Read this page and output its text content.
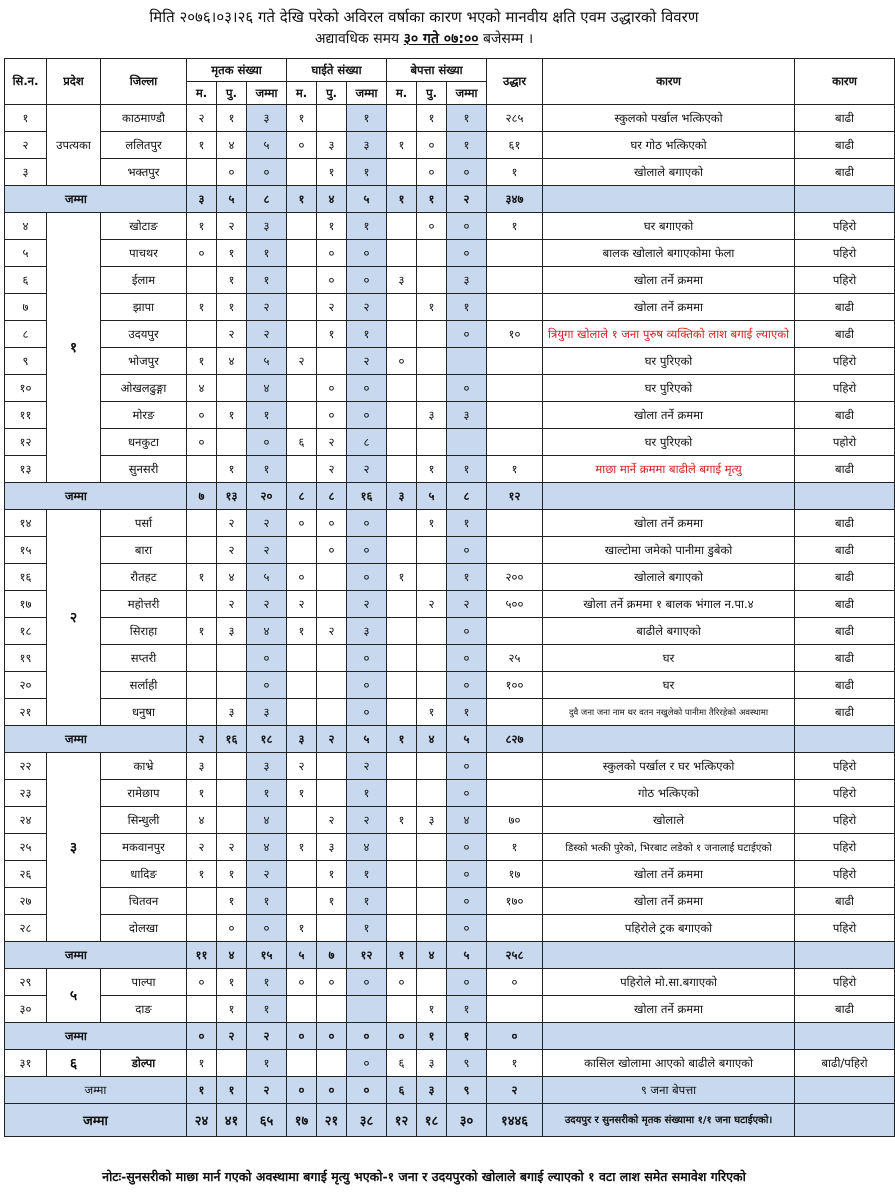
मिति २०७६।०३।२६ गते देखि परेको अविरल वर्षाका कारण भएको मानवीय क्षति एवम उद्धारको विवरण
अद्यावधिक समय ३० गते ०७:०० बजेसम्म ।
सि.न.	प्रदेश	जिल्ला	मृतक संख्या			घाईते संख्या			बेपत्ता संख्या			उद्धार	कारण	कारण
			म.	पु.	जम्मा	म.	पु.	जम्मा	म.	पु.	जम्मा			
१	उपत्यका	काठमाण्डौ	२	१	३	१		१		१	१	२८५	स्कुलको पर्खाल भत्किएको	बाढी
२		ललितपुर	१	४	५	०	३	३	१	०	१	६१	घर गोठ भत्किएको	बाढी
३		भक्तपुर		०	०		१	१		०	०	१	खोलाले बगाएको	बाढी
जम्मा			३	५	८	१	४	५	१	१	२	३४७		
४	१	खोटाङ	१	२	३		१	१		०	०	१	घर बगाएको	पहिरो
५		पाचथर	०	१	१		०	०			०		बालक खोलाले बगाएकोमा फेला	पहिरो
६		ईलाम		१	१		०	०	३		३		खोला तर्ने क्रममा	पहिरो
७		झापा	१	१	२		२	२		१	१		खोला तर्ने क्रममा	बाढी
८		उदयपुर		२	२		१	१			०	१०	त्रियुगा खोलाले १ जना पुरुष व्यक्तिको लाश बगाई ल्याएको	बाढी
९		भोजपुर	१	४	५	२		२	०				घर पुरिएको	पहिरो
१०		ओखलढुङ्गा	४		४		०	०			०		घर पुरिएको	पहिरो
११		मोरङ	०	१	१		०	०		३	३		खोला तर्ने क्रममा	बाढी
१२		धनकुटा	०		०	६	२	८					घर पुरिएको	पहोरो
१३		सुनसरी		१	१		२	२		१	१	१	माछा मार्ने क्रममा बाढीले बगाई मृत्यु	बाढी
जम्मा			७	१३	२०	८	८	१६	३	५	८	१२		
१४	२	पर्सा		२	२	०	०	०		१	१		खोला तर्ने क्रममा	बाढी
१५		बारा		२	२		०	०			०		खाल्टोमा जमेको पानीमा डुबेको	बाढी
१६		रौतहट	१	४	५	०		०	१		१	२००	खोलाले बगाएको	बाढी
१७		महोत्तरी		२	२	२		२		२	२	५००	खोला तर्ने क्रममा १ बालक भंगाल न.पा.४	बाढी
१८		सिराहा	१	३	४	१	२	३			०		बाढीले बगाएको	बाढी
१९		सप्तरी			०			०			०	२५	घर	बाढी
२०		सर्लाही			०			०			०	१००	घर	बाढी
२१		धनुषा		३	३			०		१	१		दुवै जना जना नाम थर वतन नखुलेको पानीमा तैरिरहेको अवस्थामा	बाढी
जम्मा			२	१६	१८	३	२	५	१	४	५	८२७		
२२	३	काभ्रे	३		३	२		२			०		स्कुलको पर्खाल र घर भत्किएको	पहिरो
२३		रामेछाप	१		१	१		१			०		गोठ भत्किएको	पहिरो
२४		सिन्धुली	४		४		२	२	१	३	४	७०	खोलाले	पहिरो
२५		मकवानपुर	२	२	४	१	३	४			०	१	डिस्को भत्की पुरेको, भिरबाट लडेको १ जनालाई घटाईएको	पहिरो
२६		धादिङ	१	१	२		१	१			०	१७	खोला तर्ने क्रममा	पहिरो
२७		चितवन		१	१		१	१			०	१७०	खोला तर्ने क्रममा	बाढी
२८		दोलखा		०	०	१		१			०		पहिरोले ट्रक बगाएको	पहिरो
जम्मा			११	४	१५	५	७	१२	१	४	५	२५८		
२९	५	पाल्पा	०	१	१	०	०	०	०		०	०	पहिरोले मो.सा.बगाएको	पहिरो
३०		दाङ		१	१					१	१		खोला तर्ने क्रममा	बाढी
जम्मा			०	२	२	०	०	०	०	१	१	०		
३१	६	डोल्पा	१		१			०	६	३	९	१	कासिल खोलामा आएको बाढीले बगाएको	बाढी/पहिरो
जम्मा			१	१	२	०	०	०	६	३	९	२	९ जना बेपत्ता	
जम्मा			२४	४१	६५	१७	२१	३८	१२	१८	३०	१४४६	उदयपुर र सुनसरीको मृतक संख्यामा १/१ जना घटाईएको।	
नोटः-सुनसरीको माछा मार्न गएको अवस्थामा बगाई मृत्यु भएको-१ जना र उदयपुरको खोलाले बगाई ल्याएको १ वटा लाश समेत समावेश गरिएको
